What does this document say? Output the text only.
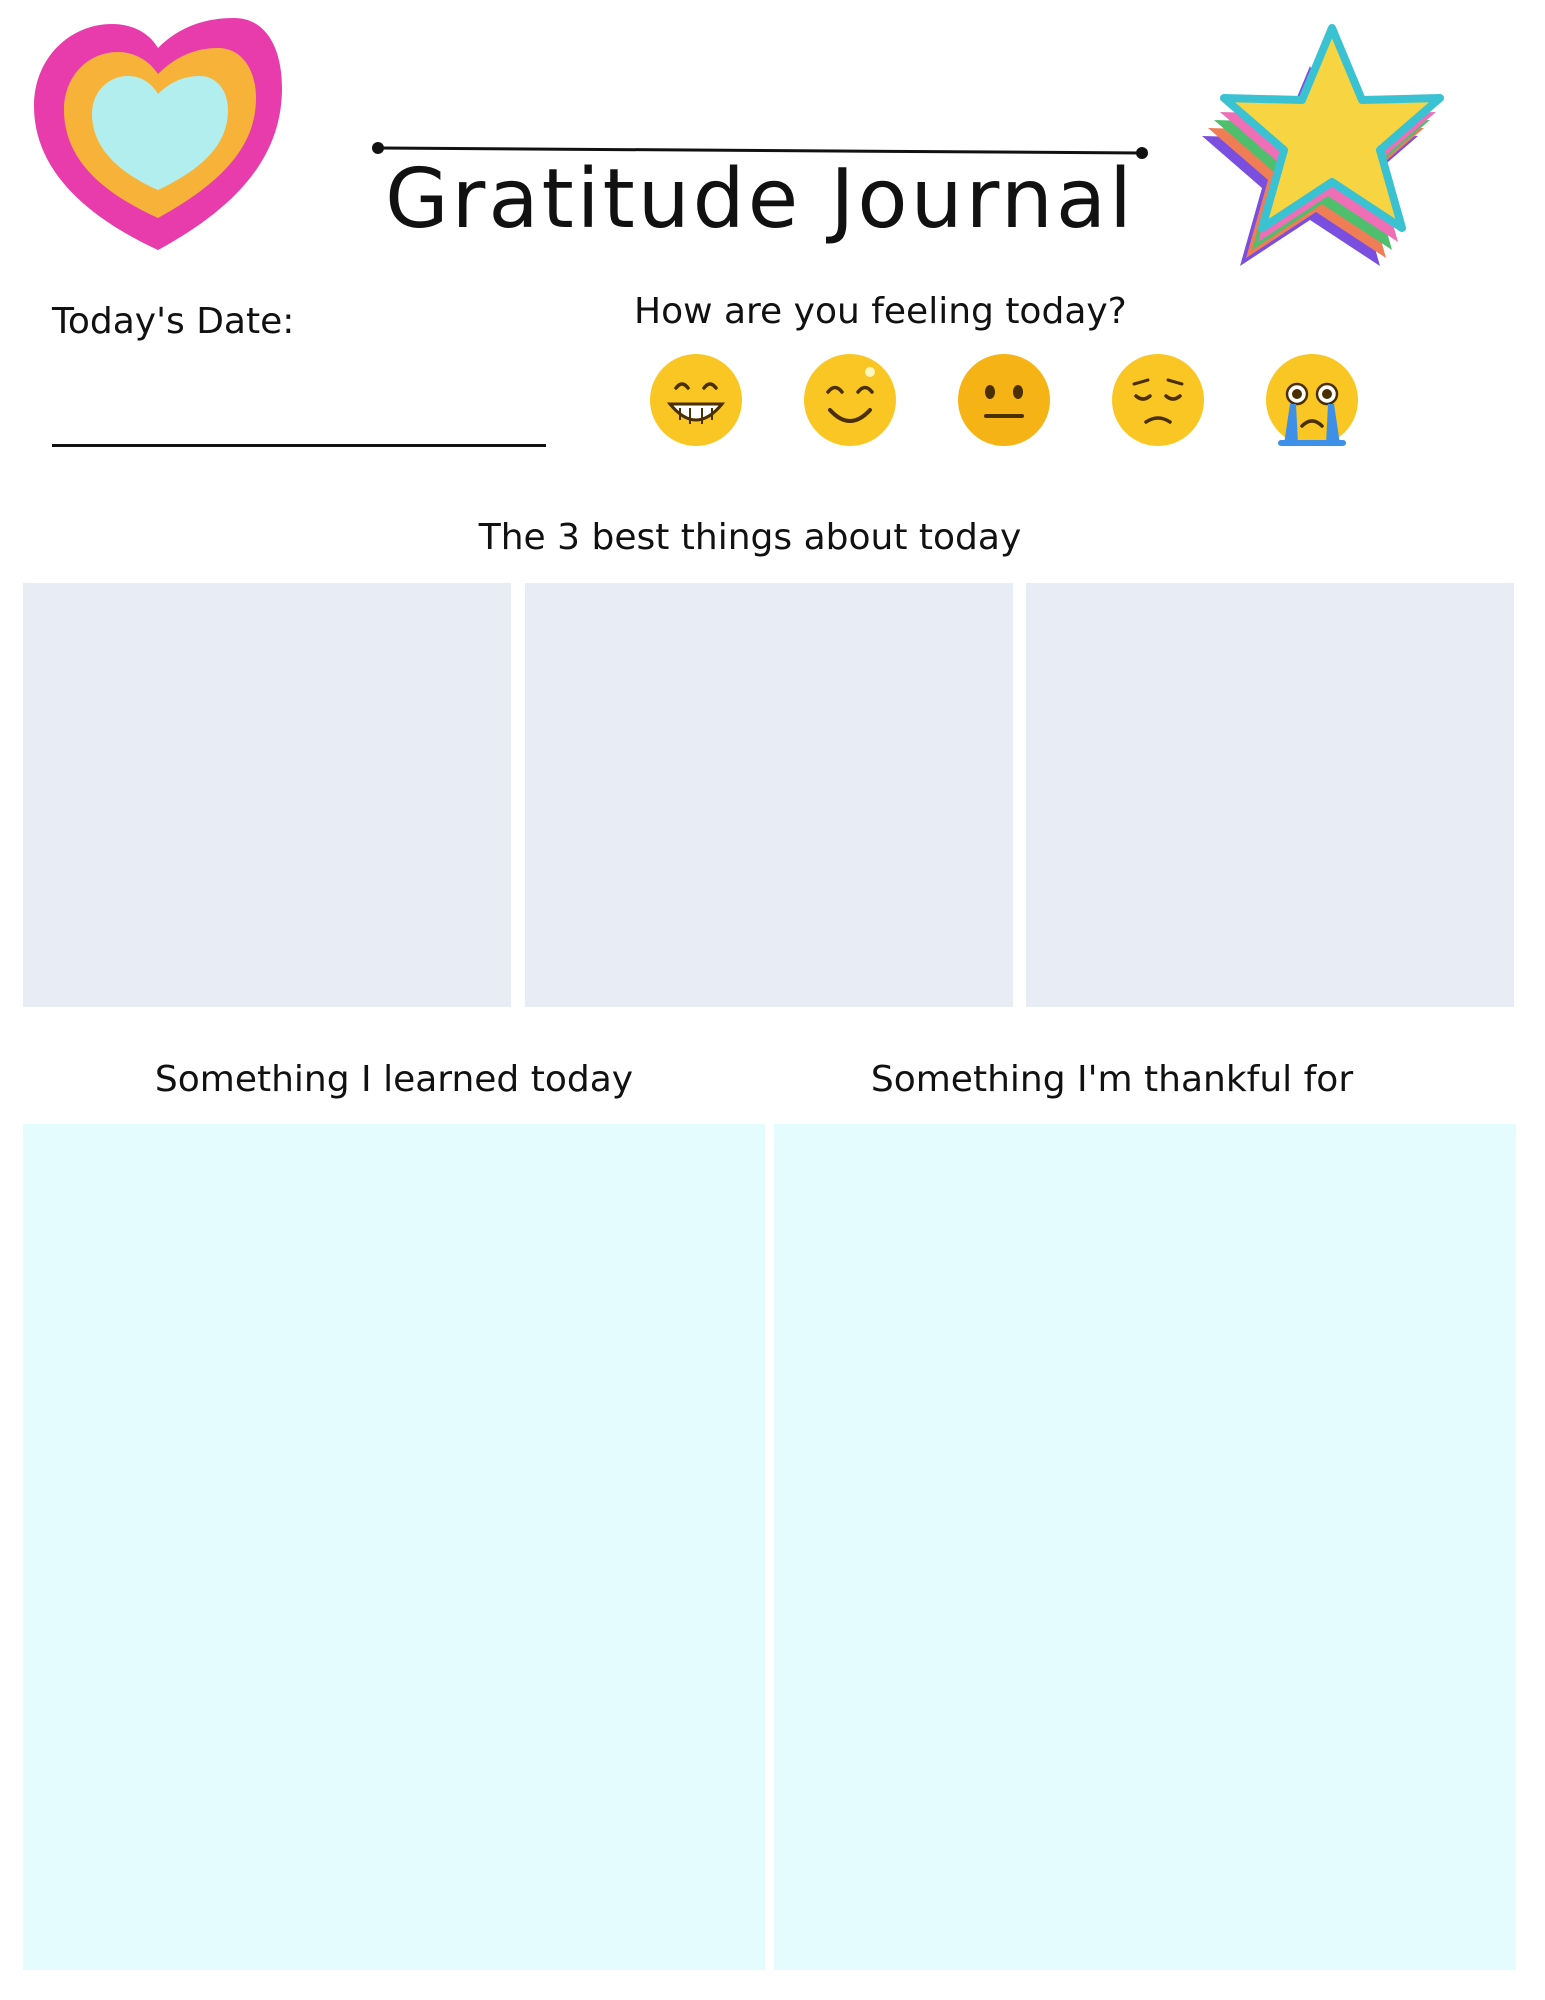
Gratitude Journal
Today's Date:	How are you feeling today?
The 3 best things about today
Something I learned today	Something I'm thankful for
